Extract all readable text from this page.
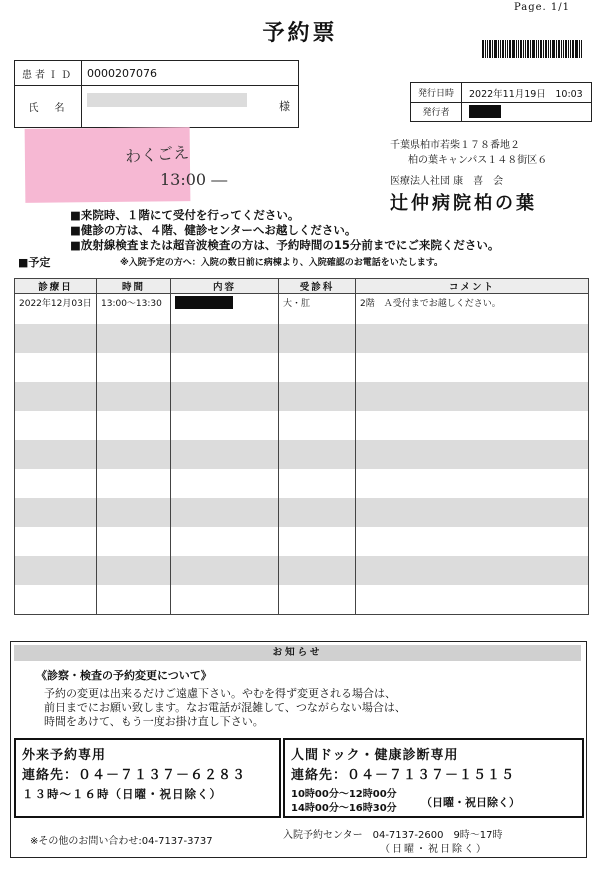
Page. 1/1
予約票
患者ＩＤ	0000207076
氏　名	様
発行日時	2022年11月19日　10:03
発行者
わくごえ
13:00 ―
千葉県柏市若柴１７８番地２
柏の葉キャンパス１４８街区６
医療法人社団 康　喜　会
辻仲病院柏の葉
■来院時、１階にて受付を行ってください。
■健診の方は、４階、健診センターへお越しください。
■放射線検査または超音波検査の方は、予約時間の15分前までにご来院ください。
■予定	※入院予定の方へ：入院の数日前に病棟より、入院確認のお電話をいたします。
診療日	時間	内容	受診科	コメント
2022年12月03日	13:00～13:30		大・肛	2階　Ａ受付までお越しください。

お知らせ
《診察・検査の予約変更について》
予約の変更は出来るだけご遠慮下さい。やむを得ず変更される場合は、
前日までにお願い致します。なお電話が混雑して、つながらない場合は、
時間をあけて、もう一度お掛け直し下さい。
外来予約専用
連絡先：０４－７１３７－６２８３
１３時～１６時（日曜・祝日除く）
人間ドック・健康診断専用
連絡先：０４－７１３７－１５１５
10時00分～12時00分
14時00分～16時30分 （日曜・祝日除く）
※その他のお問い合わせ:04-7137-3737
入院予約センター　04-7137-2600　9時～17時
（日曜・祝日除く）
